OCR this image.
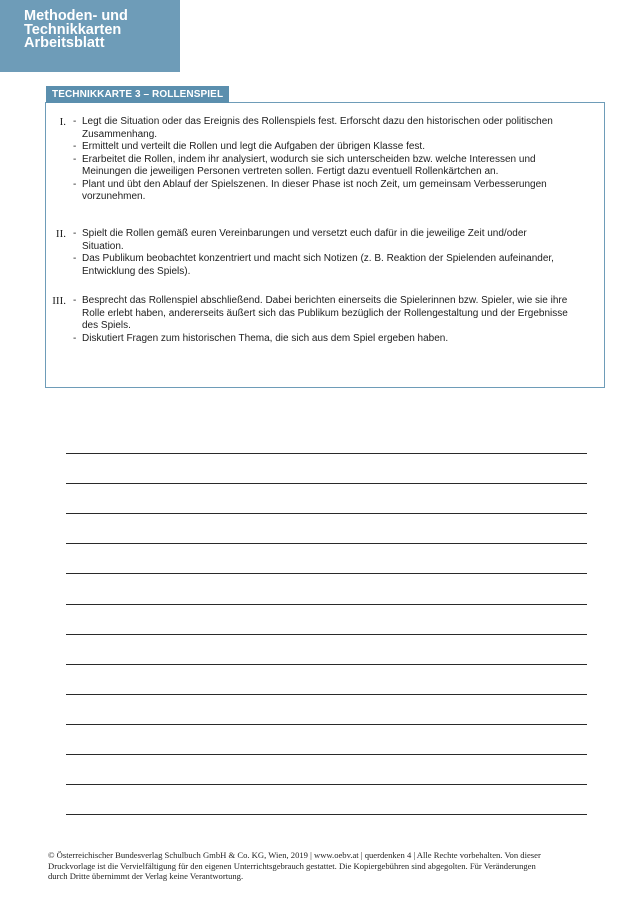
Methoden- und
Technikkarten
Arbeitsblatt
TECHNIKKARTE 3 – ROLLENSPIEL
I. - Legt die Situation oder das Ereignis des Rollenspiels fest. Erforscht dazu den historischen oder politischen
Zusammenhang.
- Ermittelt und verteilt die Rollen und legt die Aufgaben der übrigen Klasse fest.
- Erarbeitet die Rollen, indem ihr analysiert, wodurch sie sich unterscheiden bzw. welche Interessen und
Meinungen die jeweiligen Personen vertreten sollen. Fertigt dazu eventuell Rollenkärtchen an.
- Plant und übt den Ablauf der Spielszenen. In dieser Phase ist noch Zeit, um gemeinsam Verbesserungen
vorzunehmen.
II. - Spielt die Rollen gemäß euren Vereinbarungen und versetzt euch dafür in die jeweilige Zeit und/oder
Situation.
- Das Publikum beobachtet konzentriert und macht sich Notizen (z. B. Reaktion der Spielenden aufeinander,
Entwicklung des Spiels).
III. - Besprecht das Rollenspiel abschließend. Dabei berichten einerseits die Spielerinnen bzw. Spieler, wie sie ihre
Rolle erlebt haben, andererseits äußert sich das Publikum bezüglich der Rollengestaltung und der Ergebnisse
des Spiels.
- Diskutiert Fragen zum historischen Thema, die sich aus dem Spiel ergeben haben.
© Österreichischer Bundesverlag Schulbuch GmbH & Co. KG, Wien, 2019 | www.oebv.at | querdenken 4 | Alle Rechte vorbehalten. Von dieser
Druckvorlage ist die Vervielfältigung für den eigenen Unterrichtsgebrauch gestattet. Die Kopiergebühren sind abgegolten. Für Veränderungen
durch Dritte übernimmt der Verlag keine Verantwortung.
